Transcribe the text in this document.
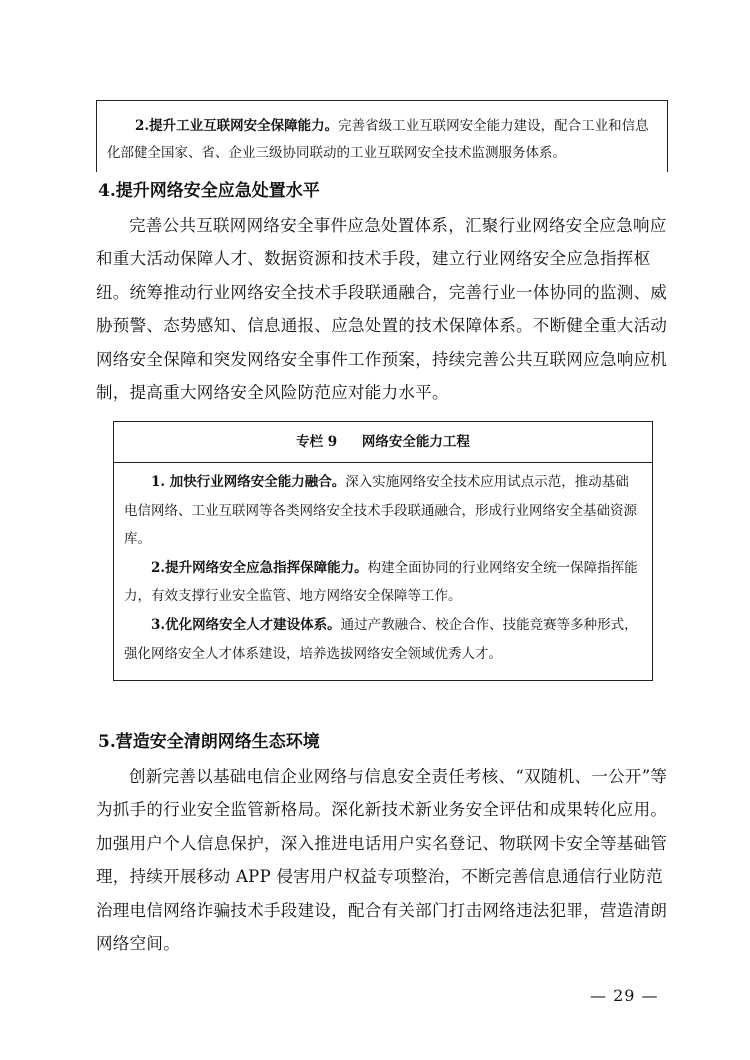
2.提升工业互联网安全保障能力。完善省级工业互联网安全能力建设，配合工业和信息化部健全国家、省、企业三级协同联动的工业互联网安全技术监测服务体系。

4.提升网络安全应急处置水平

完善公共互联网网络安全事件应急处置体系，汇聚行业网络安全应急响应和重大活动保障人才、数据资源和技术手段，建立行业网络安全应急指挥枢纽。统筹推动行业网络安全技术手段联通融合，完善行业一体协同的监测、威胁预警、态势感知、信息通报、应急处置的技术保障体系。不断健全重大活动网络安全保障和突发网络安全事件工作预案，持续完善公共互联网应急响应机制，提高重大网络安全风险防范应对能力水平。

专栏 9 网络安全能力工程

1. 加快行业网络安全能力融合。深入实施网络安全技术应用试点示范，推动基础电信网络、工业互联网等各类网络安全技术手段联通融合，形成行业网络安全基础资源库。

2.提升网络安全应急指挥保障能力。构建全面协同的行业网络安全统一保障指挥能力，有效支撑行业安全监管、地方网络安全保障等工作。

3.优化网络安全人才建设体系。通过产教融合、校企合作、技能竞赛等多种形式，强化网络安全人才体系建设，培养选拔网络安全领域优秀人才。

5.营造安全清朗网络生态环境

创新完善以基础电信企业网络与信息安全责任考核、“双随机、一公开”等为抓手的行业安全监管新格局。深化新技术新业务安全评估和成果转化应用。加强用户个人信息保护，深入推进电话用户实名登记、物联网卡安全等基础管理，持续开展移动 APP 侵害用户权益专项整治，不断完善信息通信行业防范治理电信网络诈骗技术手段建设，配合有关部门打击网络违法犯罪，营造清朗网络空间。

— 29 —
